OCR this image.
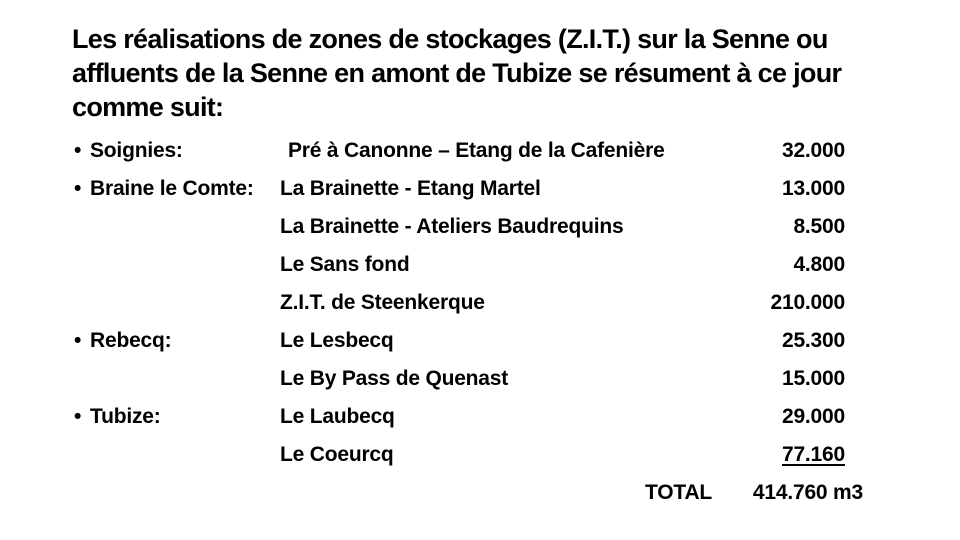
Les réalisations de zones de stockages (Z.I.T.) sur la Senne ou
affluents de la Senne en amont de Tubize se résument à ce jour
comme suit:
• Soignies:	Pré à Canonne – Etang de la Cafenière	32.000
• Braine le Comte: La Brainette - Etang Martel	13.000
La Brainette - Ateliers Baudrequins	8.500
Le Sans fond	4.800
Z.I.T. de Steenkerque	210.000
• Rebecq:	Le Lesbecq	25.300
Le By Pass de Quenast	15.000
• Tubize:	Le Laubecq	29.000
Le Coeurcq	77.160
TOTAL 414.760 m3
